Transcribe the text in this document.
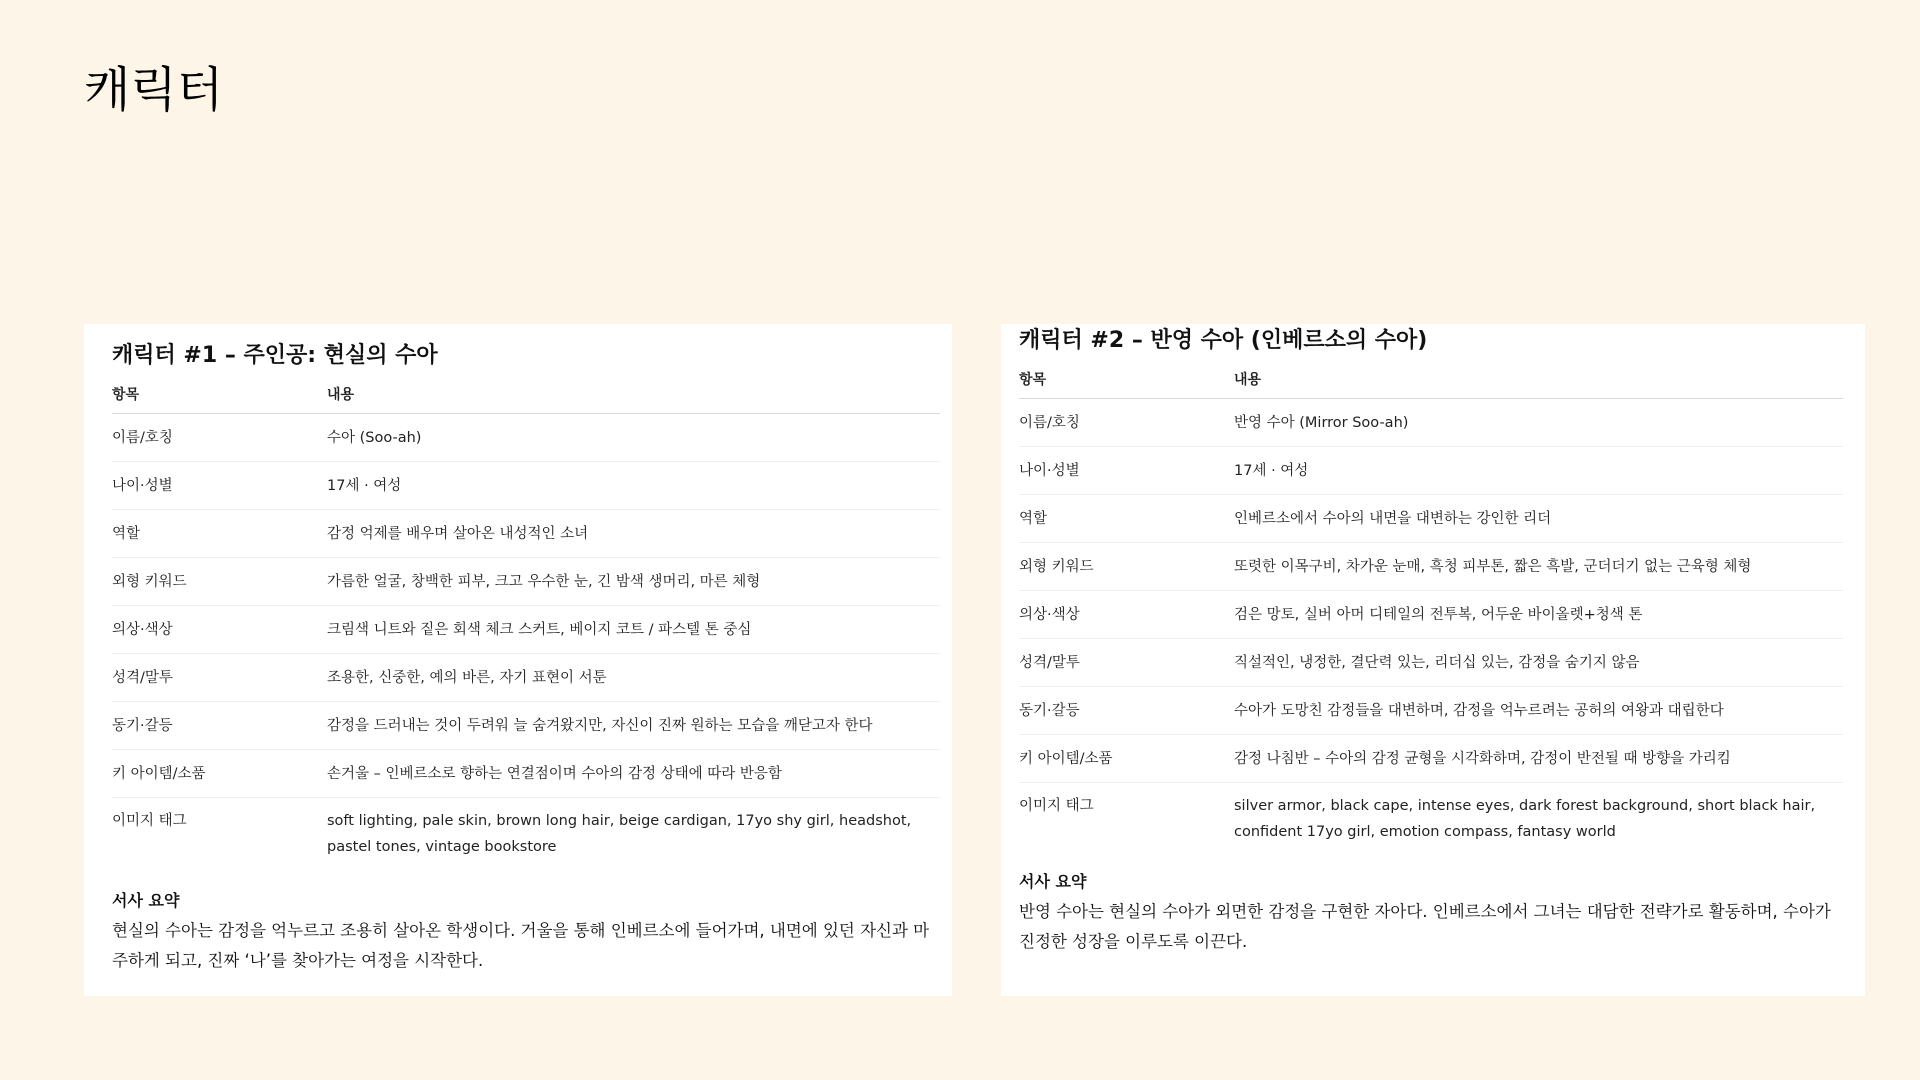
캐릭터
캐릭터 #1 – 주인공: 현실의 수아
항목	내용
이름/호칭	수아 (Soo-ah)
나이·성별	17세 · 여성
역할	감정 억제를 배우며 살아온 내성적인 소녀
외형 키워드	가름한 얼굴, 창백한 피부, 크고 우수한 눈, 긴 밤색 생머리, 마른 체형
의상·색상	크림색 니트와 짙은 회색 체크 스커트, 베이지 코트 / 파스텔 톤 중심
성격/말투	조용한, 신중한, 예의 바른, 자기 표현이 서툰
동기·갈등	감정을 드러내는 것이 두려워 늘 숨겨왔지만, 자신이 진짜 원하는 모습을 깨닫고자 한다
키 아이템/소품	손거울 – 인베르소로 향하는 연결점이며 수아의 감정 상태에 따라 반응함
이미지 태그	soft lighting, pale skin, brown long hair, beige cardigan, 17yo shy girl, headshot, pastel tones, vintage bookstore
서사 요약

현실의 수아는 감정을 억누르고 조용히 살아온 학생이다. 거울을 통해 인베르소에 들어가며, 내면에 있던 자신과 마주하게 되고, 진짜 ‘나’를 찾아가는 여정을 시작한다.

캐릭터 #2 – 반영 수아 (인베르소의 수아)
항목	내용
이름/호칭	반영 수아 (Mirror Soo-ah)
나이·성별	17세 · 여성
역할	인베르소에서 수아의 내면을 대변하는 강인한 리더
외형 키워드	또렷한 이목구비, 차가운 눈매, 흑청 피부톤, 짧은 흑발, 군더더기 없는 근육형 체형
의상·색상	검은 망토, 실버 아머 디테일의 전투복, 어두운 바이올렛+청색 톤
성격/말투	직설적인, 냉정한, 결단력 있는, 리더십 있는, 감정을 숨기지 않음
동기·갈등	수아가 도망친 감정들을 대변하며, 감정을 억누르려는 공허의 여왕과 대립한다
키 아이템/소품	감정 나침반 – 수아의 감정 균형을 시각화하며, 감정이 반전될 때 방향을 가리킴
이미지 태그	silver armor, black cape, intense eyes, dark forest background, short black hair, confident 17yo girl, emotion compass, fantasy world
서사 요약

반영 수아는 현실의 수아가 외면한 감정을 구현한 자아다. 인베르소에서 그녀는 대담한 전략가로 활동하며, 수아가 진정한 성장을 이루도록 이끈다.
